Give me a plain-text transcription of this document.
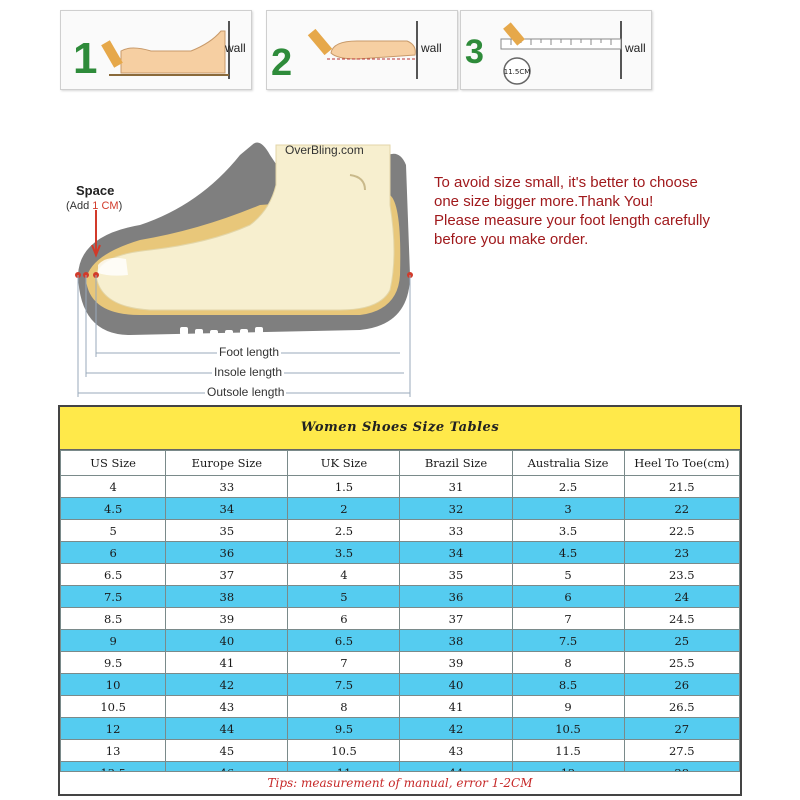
1	wall 2	wall 3
11.5CM
wall
OverBling.com
Space
(Add 1 CM)
Foot length
Insole length
Outsole length
To avoid size small, it's better to choose
one size bigger more.Thank You!
Please measure your foot length carefully
before you make order.
Women Shoes Size Tables
US Size	Europe Size	UK Size	Brazil Size	Australia Size	Heel To Toe(cm)
4	33	1.5	31	2.5	21.5
4.5	34	2	32	3	22
5	35	2.5	33	3.5	22.5
6	36	3.5	34	4.5	23
6.5	37	4	35	5	23.5
7.5	38	5	36	6	24
8.5	39	6	37	7	24.5
9	40	6.5	38	7.5	25
9.5	41	7	39	8	25.5
10	42	7.5	40	8.5	26
10.5	43	8	41	9	26.5
12	44	9.5	42	10.5	27
13	45	10.5	43	11.5	27.5

Tips: measurement of manual, error 1-2CM
